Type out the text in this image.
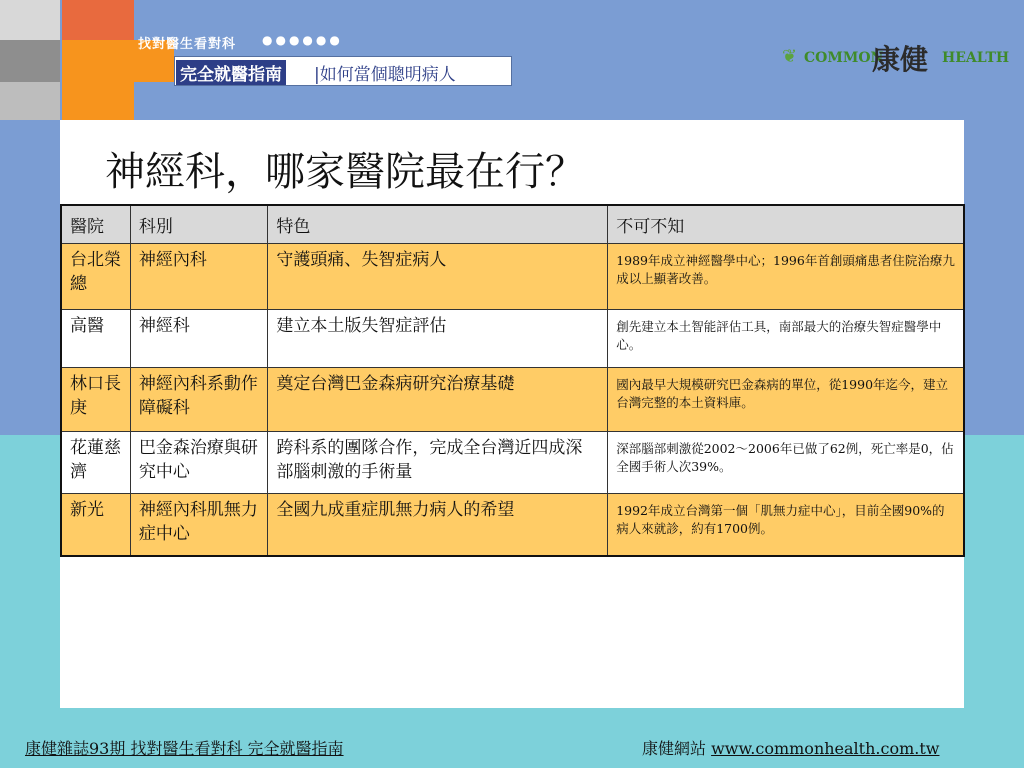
找對醫生看對科 ●●●●●●
完全就醫指南 |如何當個聰明病人
❦ COMMON
康健 HEALTH
神經科，哪家醫院最在行？
醫院	科別	特色	不可不知
台北榮總	神經內科	守護頭痛、失智症病人	1989年成立神經醫學中心；1996年首創頭痛患者住院治療九成以上顯著改善。
高醫	神經科	建立本土版失智症評估	創先建立本土智能評估工具，南部最大的治療失智症醫學中心。
林口長庚	神經內科系動作障礙科	奠定台灣巴金森病研究治療基礎	國內最早大規模研究巴金森病的單位，從1990年迄今，建立台灣完整的本土資料庫。
花蓮慈濟	巴金森治療與研究中心	跨科系的團隊合作，完成全台灣近四成深部腦刺激的手術量	深部腦部刺激從2002～2006年已做了62例，死亡率是0，佔全國手術人次39%。
新光	神經內科肌無力症中心	全國九成重症肌無力病人的希望	1992年成立台灣第一個「肌無力症中心」，目前全國90%的病人來就診，約有1700例。
康健雜誌93期 找對醫生看對科 完全就醫指南	康健網站 www.commonhealth.com.tw
